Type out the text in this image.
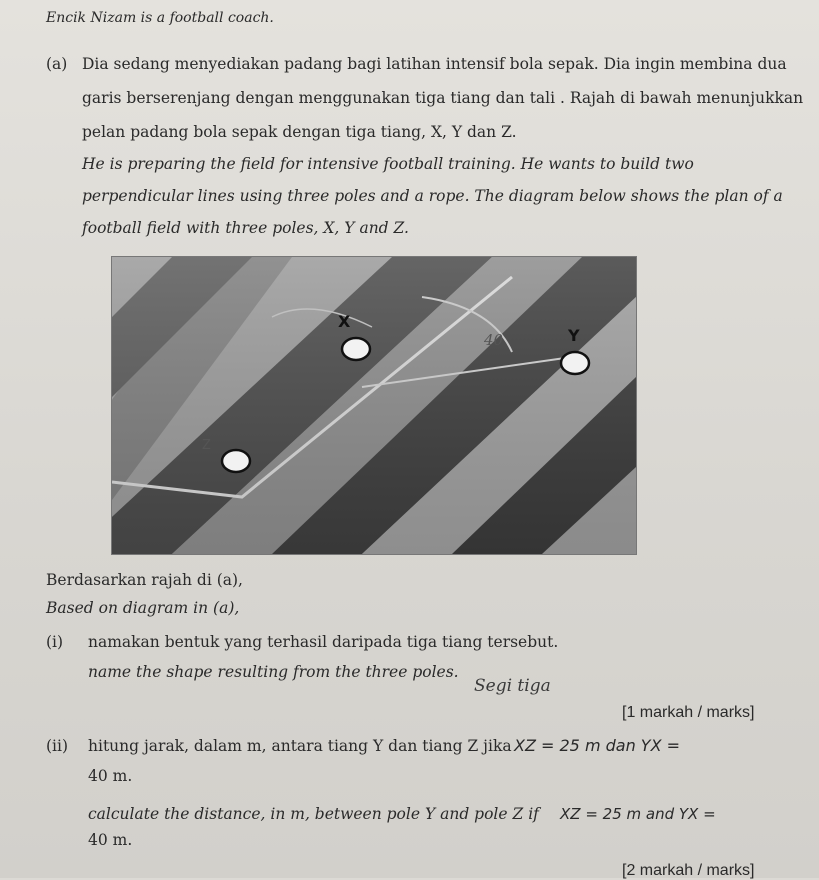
Encik Nizam is a football coach.
(a) Dia sedang menyediakan padang bagi latihan intensif bola sepak. Dia ingin membina dua
garis berserenjang dengan menggunakan tiga tiang dan tali . Rajah di bawah menunjukkan
pelan padang bola sepak dengan tiga tiang, X, Y dan Z.
He is preparing the field for intensive football training. He wants to build two
perpendicular lines using three poles and a rope. The diagram below shows the plan of a
football field with three poles, X, Y and Z.
X
Y
Z
40
Berdasarkan rajah di (a),
Based on diagram in (a),
(i) namakan bentuk yang terhasil daripada tiga tiang tersebut.
name the shape resulting from the three poles.
Segi tiga
[1 markah / marks]
(ii) hitung jarak, dalam m, antara tiang Y dan tiang Z jika XZ = 25 m dan YX =
40 m.
calculate the distance, in m, between pole Y and pole Z if XZ = 25 m and YX =
40 m.
[2 markah / marks]
